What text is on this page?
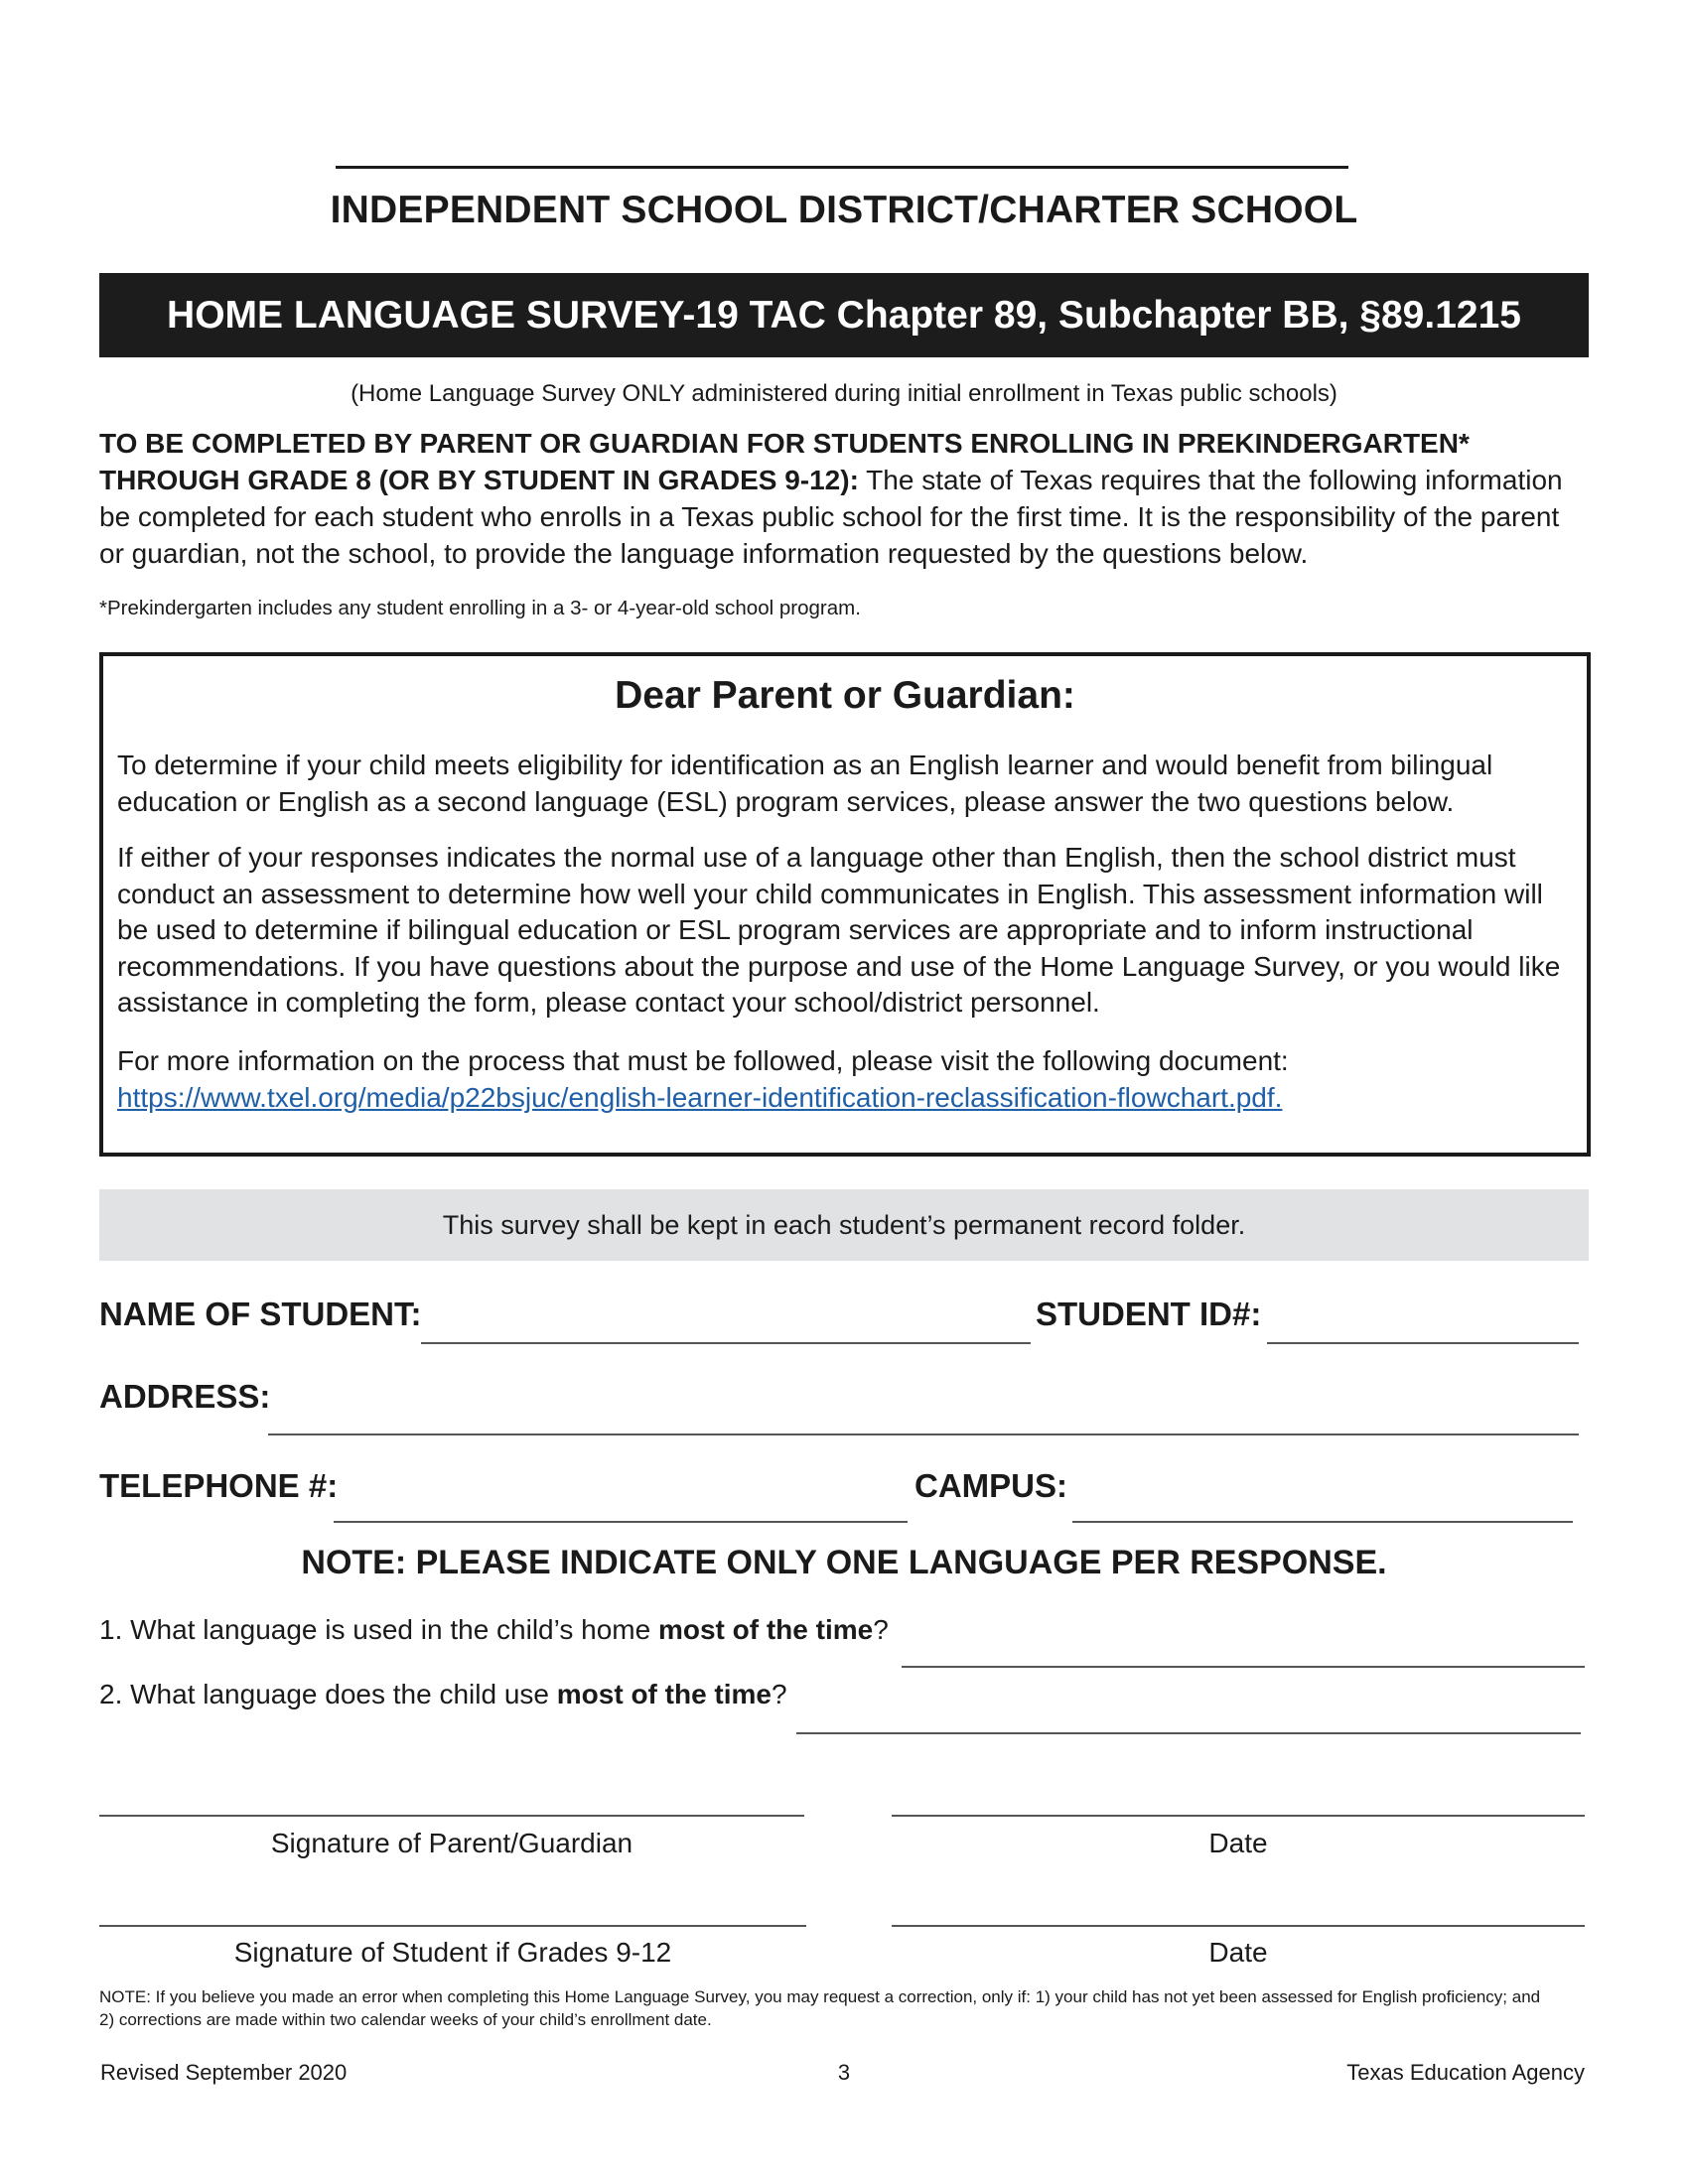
INDEPENDENT SCHOOL DISTRICT/CHARTER SCHOOL
HOME LANGUAGE SURVEY-19 TAC Chapter 89, Subchapter BB, §89.1215
(Home Language Survey ONLY administered during initial enrollment in Texas public schools)
TO BE COMPLETED BY PARENT OR GUARDIAN FOR STUDENTS ENROLLING IN PREKINDERGARTEN* THROUGH GRADE 8 (OR BY STUDENT IN GRADES 9-12): The state of Texas requires that the following information be completed for each student who enrolls in a Texas public school for the first time. It is the responsibility of the parent or guardian, not the school, to provide the language information requested by the questions below.
*Prekindergarten includes any student enrolling in a 3- or 4-year-old school program.
Dear Parent or Guardian:
To determine if your child meets eligibility for identification as an English learner and would benefit from bilingual education or English as a second language (ESL) program services, please answer the two questions below.
If either of your responses indicates the normal use of a language other than English, then the school district must conduct an assessment to determine how well your child communicates in English. This assessment information will be used to determine if bilingual education or ESL program services are appropriate and to inform instructional recommendations. If you have questions about the purpose and use of the Home Language Survey, or you would like assistance in completing the form, please contact your school/district personnel.
For more information on the process that must be followed, please visit the following document:
https://www.txel.org/media/p22bsjuc/english-learner-identification-reclassification-flowchart.pdf.
This survey shall be kept in each student’s permanent record folder.
NAME OF STUDENT:	STUDENT ID#:
ADDRESS:
TELEPHONE #:	CAMPUS:
NOTE: PLEASE INDICATE ONLY ONE LANGUAGE PER RESPONSE.
1. What language is used in the child’s home most of the time?
2. What language does the child use most of the time?
Signature of Parent/Guardian	Date
Signature of Student if Grades 9-12	Date
NOTE: If you believe you made an error when completing this Home Language Survey, you may request a correction, only if: 1) your child has not yet been assessed for English proficiency; and 2) corrections are made within two calendar weeks of your child’s enrollment date.
Revised September 2020	3	Texas Education Agency
